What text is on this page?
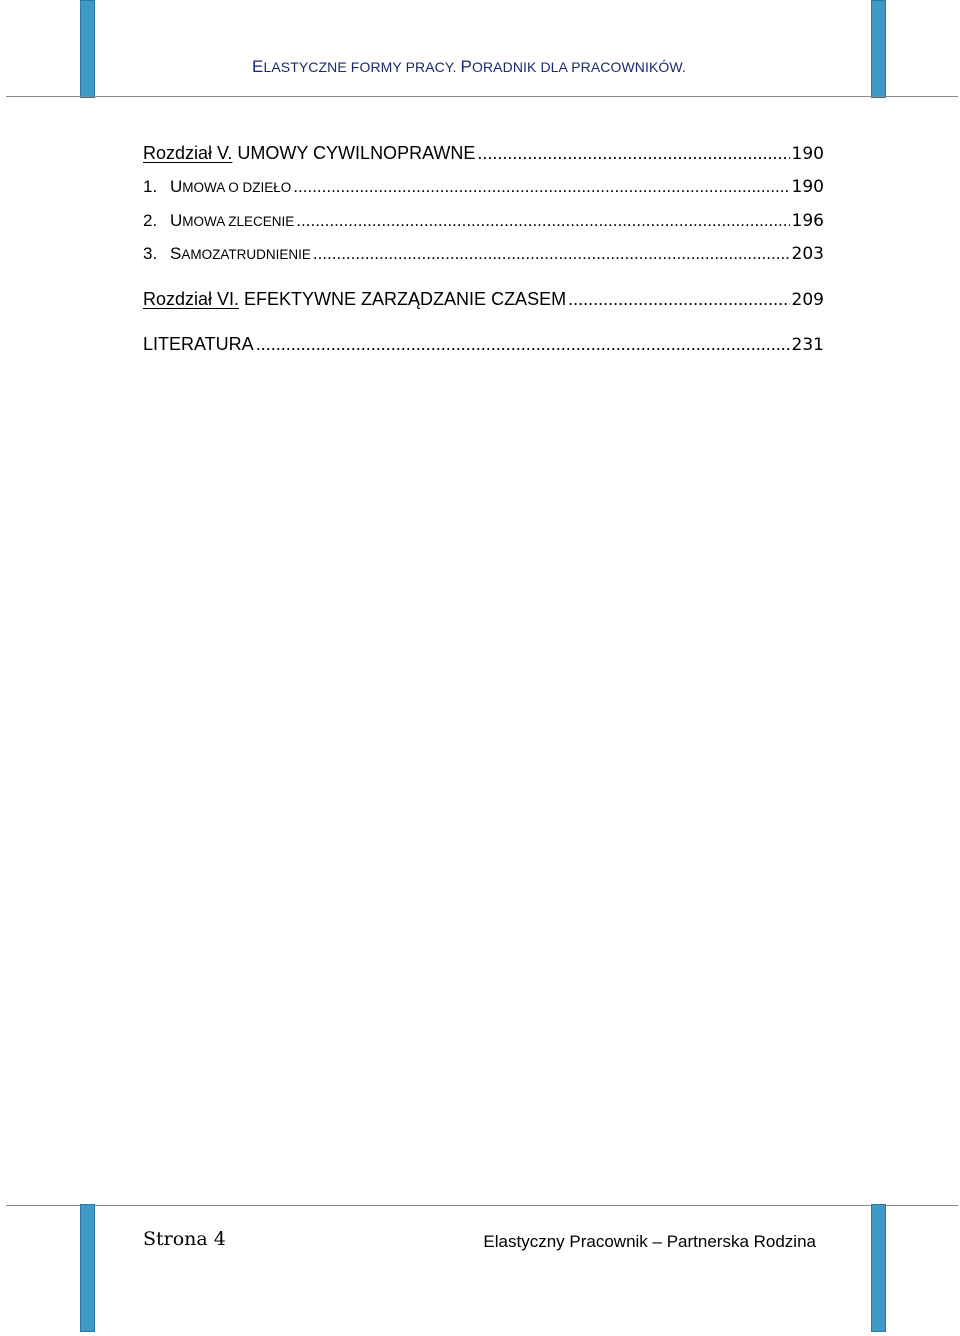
ELASTYCZNE FORMY PRACY. PORADNIK DLA PRACOWNIKÓW.
Rozdział V. UMOWY CYWILNOPRAWNE .....	190
1. UMOWA O DZIEŁO .....	190
2. UMOWA ZLECENIE .....	196
3. SAMOZATRUDNIENIE .....	203
Rozdział VI. EFEKTYWNE ZARZĄDZANIE CZASEM .....	209
LITERATURA .....	231
Strona 4	Elastyczny Pracownik – Partnerska Rodzina
